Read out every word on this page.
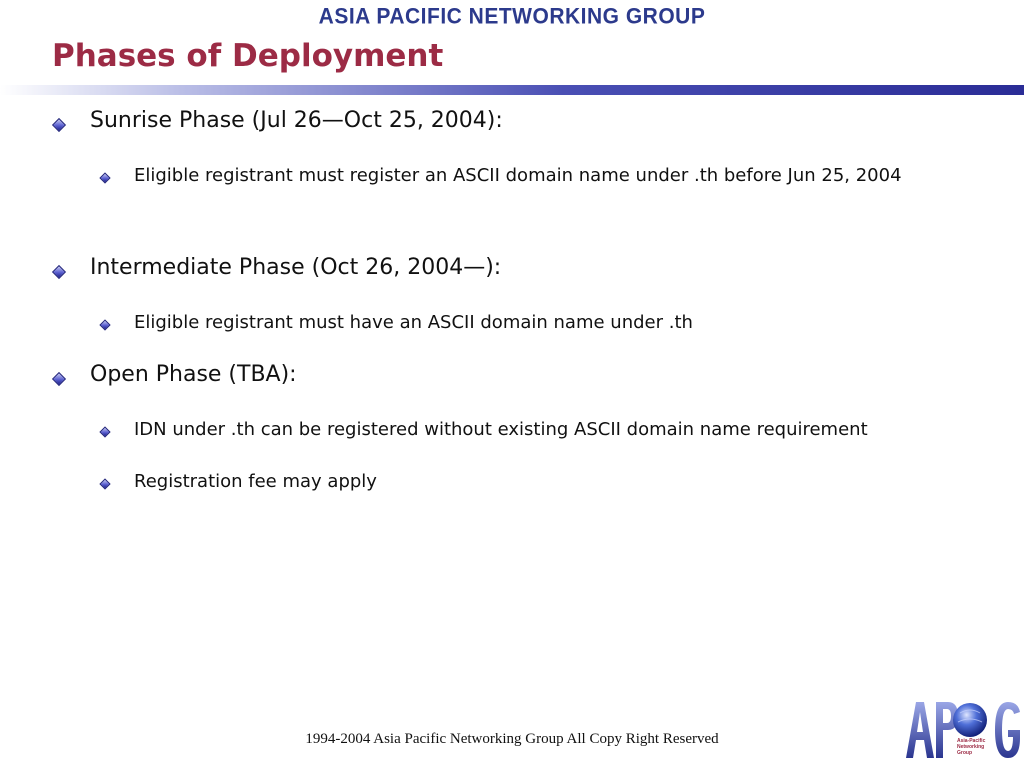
ASIA PACIFIC NETWORKING GROUP
Phases of Deployment
Sunrise Phase (Jul 26—Oct 25, 2004):
Eligible registrant must register an ASCII domain name under .th before Jun 25, 2004
Intermediate Phase (Oct 26, 2004—):
Eligible registrant must have an ASCII domain name under .th
Open Phase (TBA):
IDN under .th can be registered without existing ASCII domain name requirement
Registration fee may apply
1994-2004 Asia Pacific Networking Group All Copy Right Reserved	Asia-Pacific
Networking
Group
